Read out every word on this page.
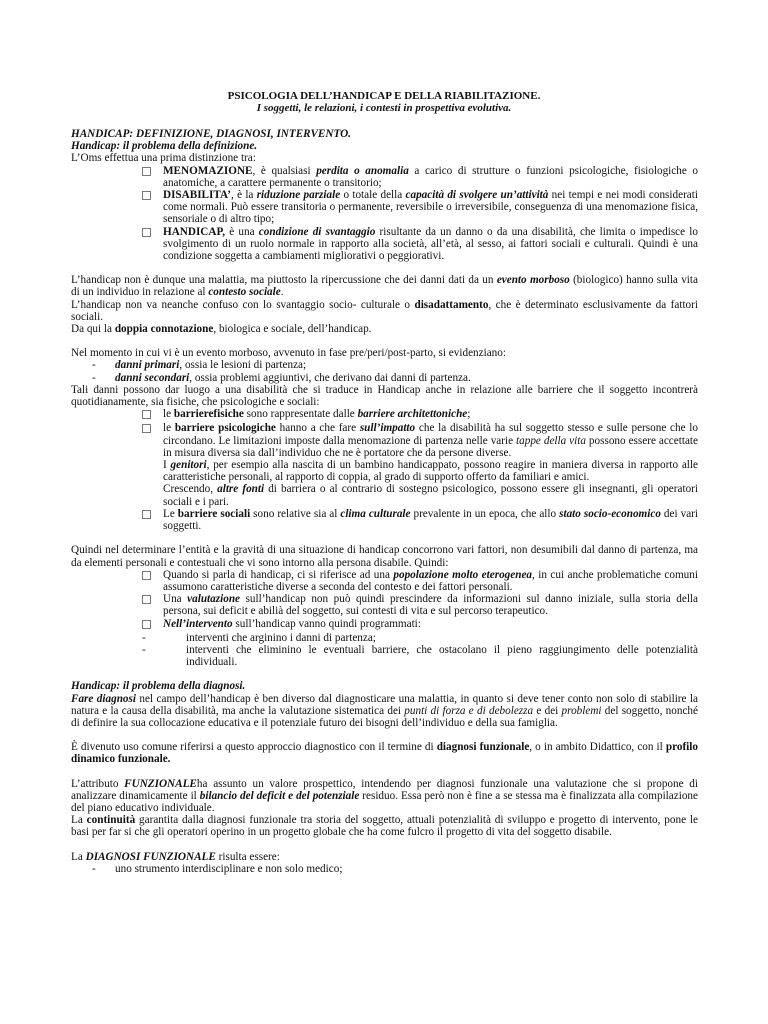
PSICOLOGIA DELL’HANDICAP E DELLA RIABILITAZIONE.
I soggetti, le relazioni, i contesti in prospettiva evolutiva.

HANDICAP: DEFINIZIONE, DIAGNOSI, INTERVENTO.

Handicap: il problema della definizione.

L’Oms effettua una prima distinzione tra:

MENOMAZIONE, è qualsiasi perdita o anomalia a carico di strutture o funzioni psicologiche, fisiologiche o anatomiche, a carattere permanente o transitorio;
DISABILITA’, è la riduzione parziale o totale della capacità di svolgere un’attività nei tempi e nei modi considerati come normali. Può essere transitoria o permanente, reversibile o irreversibile, conseguenza di una menomazione fisica, sensoriale o di altro tipo;
HANDICAP, è una condizione di svantaggio risultante da un danno o da una disabilità, che limita o impedisce lo svolgimento di un ruolo normale in rapporto alla società, all’età, al sesso, ai fattori sociali e culturali. Quindi è una condizione soggetta a cambiamenti migliorativi o peggiorativi.

L’handicap non è dunque una malattia, ma piuttosto la ripercussione che dei danni dati da un evento morboso (biologico) hanno sulla vita di un individuo in relazione al contesto sociale.

L’handicap non va neanche confuso con lo svantaggio socio- culturale o disadattamento, che è determinato esclusivamente da fattori sociali.

Da qui la doppia connotazione, biologica e sociale, dell’handicap.

Nel momento in cui vi è un evento morboso, avvenuto in fase pre/peri/post-parto, si evidenziano:

-	danni primari, ossia le lesioni di partenza;
-	danni secondari, ossia problemi aggiuntivi, che derivano dai danni di partenza.

Tali danni possono dar luogo a una disabilità che si traduce in Handicap anche in relazione alle barriere che il soggetto incontrerà quotidianamente, sia fisiche, che psicologiche e sociali:

le barrierefisiche sono rappresentate dalle barriere architettoniche;
le barriere psicologiche hanno a che fare sull’impatto che la disabilità ha sul soggetto stesso e sulle persone che lo circondano. Le limitazioni imposte dalla menomazione di partenza nelle varie tappe della vita possono essere accettate in misura diversa sia dall’individuo che ne è portatore che da persone diverse.
I genitori, per esempio alla nascita di un bambino handicappato, possono reagire in maniera diversa in rapporto alle caratteristiche personali, al rapporto di coppia, al grado di supporto offerto da familiari e amici.
Crescendo, altre fonti di barriera o al contrario di sostegno psicologico, possono essere gli insegnanti, gli operatori sociali e i pari.
Le barriere sociali sono relative sia al clima culturale prevalente in un epoca, che allo stato socio-economico dei vari soggetti.

Quindi nel determinare l’entità e la gravità di una situazione di handicap concorrono vari fattori, non desumibili dal danno di partenza, ma da elementi personali e contestuali che vi sono intorno alla persona disabile. Quindi:

Quando si parla di handicap, ci si riferisce ad una popolazione molto eterogenea, in cui anche problematiche comuni assumono caratteristiche diverse a seconda del contesto e dei fattori personali.
Una valutazione sull’handicap non può quindi prescindere da informazioni sul danno iniziale, sulla storia della persona, sui deficit e abilià del soggetto, sui contesti di vita e sul percorso terapeutico.
Nell’intervento sull’handicap vanno quindi programmati:
-	interventi che arginino i danni di partenza;
-	interventi che eliminino le eventuali barriere, che ostacolano il pieno raggiungimento delle potenzialità individuali.

Handicap: il problema della diagnosi.

Fare diagnosi nel campo dell’handicap è ben diverso dal diagnosticare una malattia, in quanto si deve tener conto non solo di stabilire la natura e la causa della disabilità, ma anche la valutazione sistematica dei punti di forza e di debolezza e dei problemi del soggetto, nonché di definire la sua collocazione educativa e il potenziale futuro dei bisogni dell’individuo e della sua famiglia.

È divenuto uso comune riferirsi a questo approccio diagnostico con il termine di diagnosi funzionale, o in ambito Didattico, con il profilo dinamico funzionale.

L’attributo FUNZIONALEha assunto un valore prospettico, intendendo per diagnosi funzionale una valutazione che si propone di analizzare dinamicamente il bilancio del deficit e del potenziale residuo. Essa però non è fine a se stessa ma è finalizzata alla compilazione del piano educativo individuale.

La continuità garantita dalla diagnosi funzionale tra storia del soggetto, attuali potenzialità di sviluppo e progetto di intervento, pone le basi per far si che gli operatori operino in un progetto globale che ha come fulcro il progetto di vita del soggetto disabile.

La DIAGNOSI FUNZIONALE risulta essere:

-	uno strumento interdisciplinare e non solo medico;
